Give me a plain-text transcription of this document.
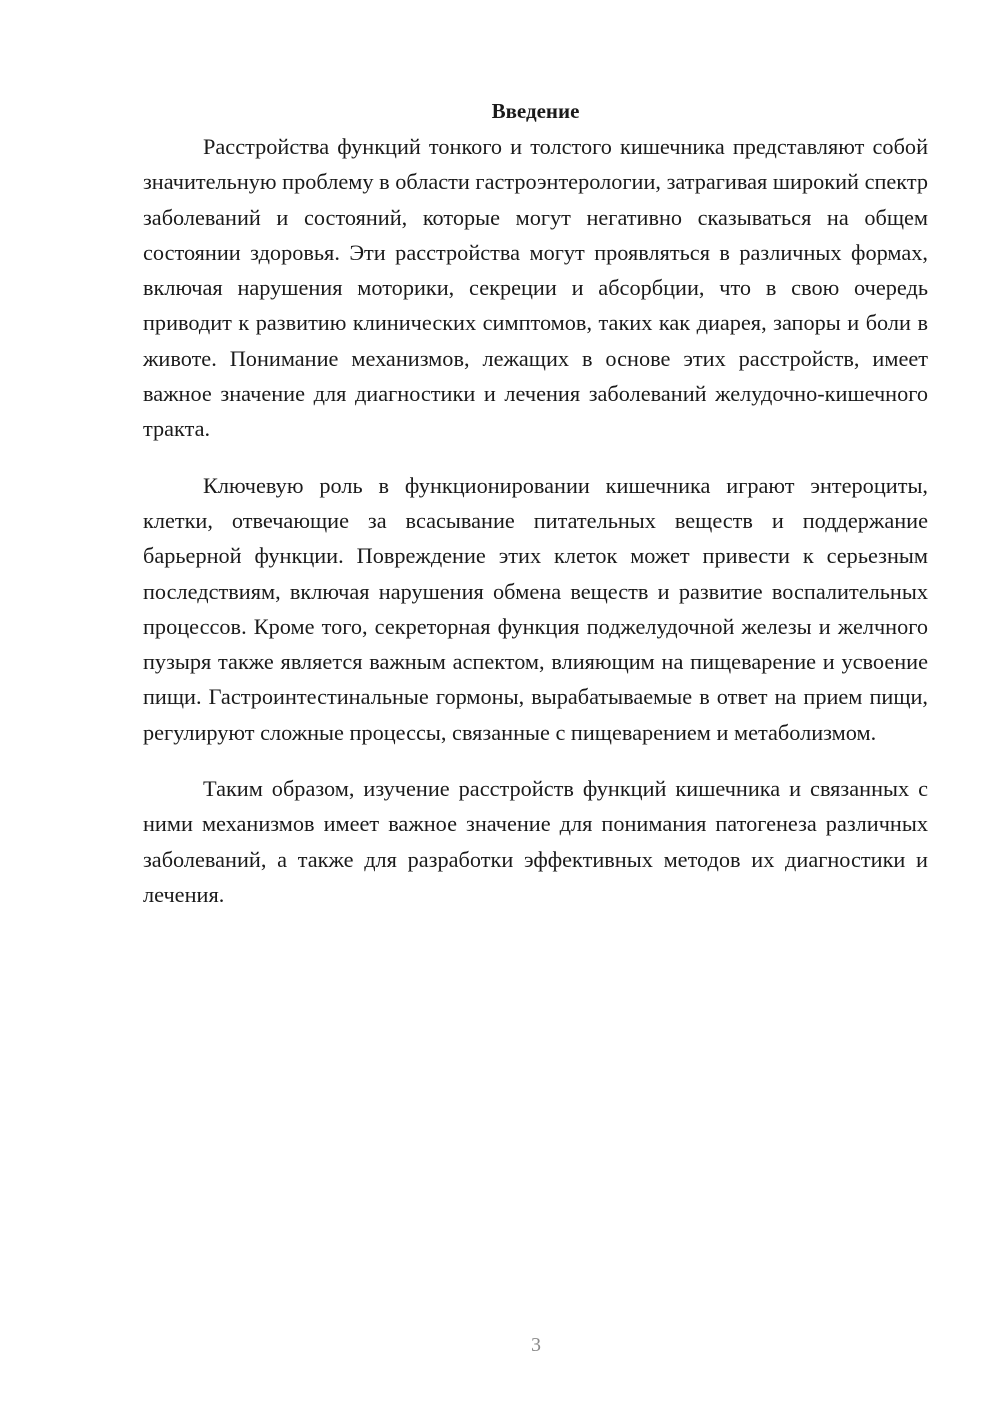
Введение

Расстройства функций тонкого и толстого кишечника представляют собой значительную проблему в области гастроэнтерологии, затрагивая широкий спектр заболеваний и состояний, которые могут негативно сказываться на общем состоянии здоровья. Эти расстройства могут проявляться в различных формах, включая нарушения моторики, секреции и абсорбции, что в свою очередь приводит к развитию клинических симптомов, таких как диарея, запоры и боли в животе. Понимание механизмов, лежащих в основе этих расстройств, имеет важное значение для диагностики и лечения заболеваний желудочно-кишечного тракта.

Ключевую роль в функционировании кишечника играют энтероциты, клетки, отвечающие за всасывание питательных веществ и поддержание барьерной функции. Повреждение этих клеток может привести к серьезным последствиям, включая нарушения обмена веществ и развитие воспалительных процессов. Кроме того, секреторная функция поджелудочной железы и желчного пузыря также является важным аспектом, влияющим на пищеварение и усвоение пищи. Гастроинтестинальные гормоны, вырабатываемые в ответ на прием пищи, регулируют сложные процессы, связанные с пищеварением и метаболизмом.

Таким образом, изучение расстройств функций кишечника и связанных с ними механизмов имеет важное значение для понимания патогенеза различных заболеваний, а также для разработки эффективных методов их диагностики и лечения.

3
